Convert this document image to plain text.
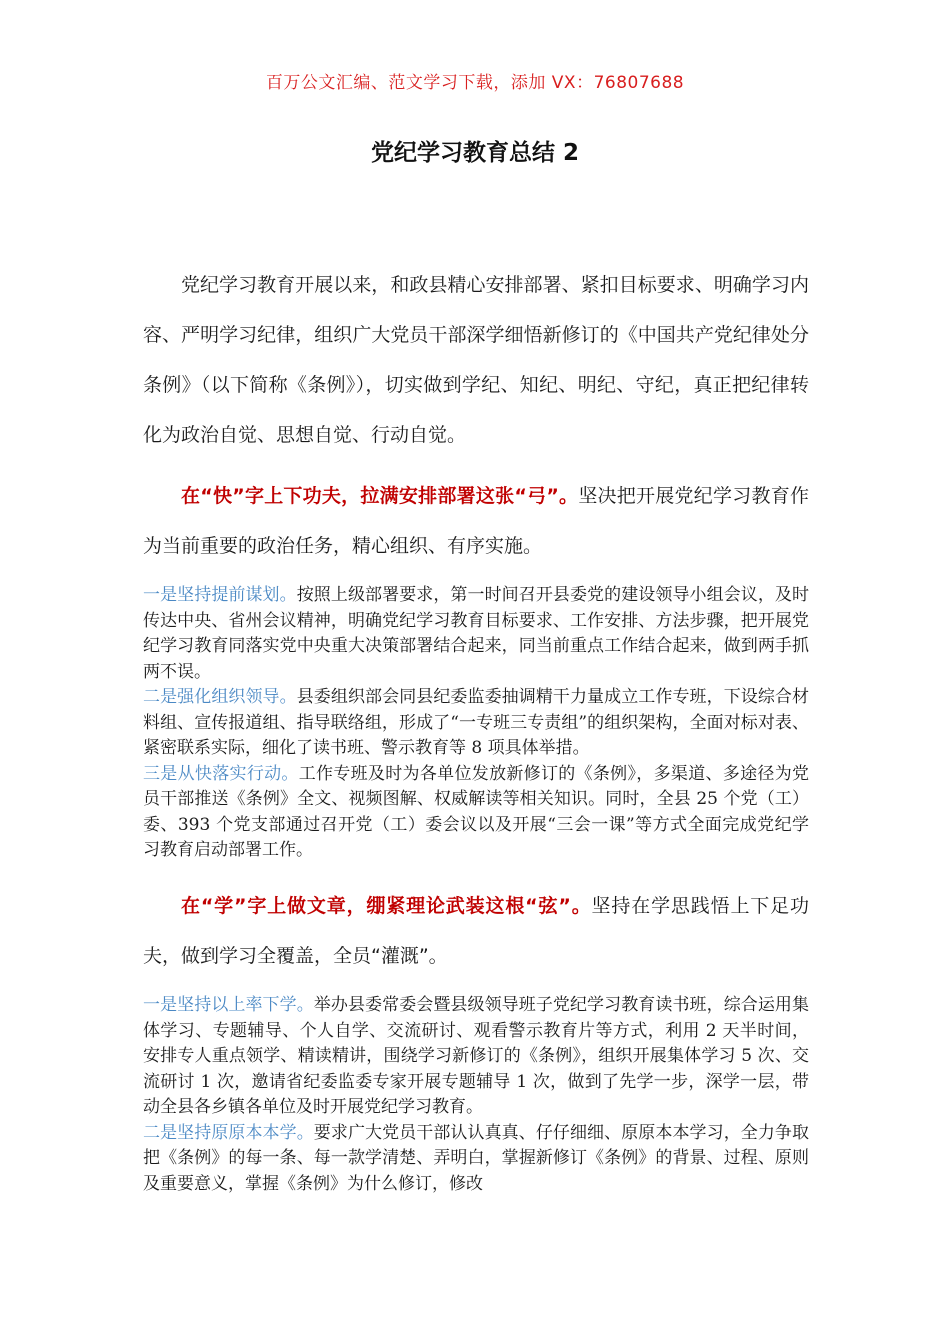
百万公文汇编、范文学习下载，添加 VX：76807688
党纪学习教育总结 2

党纪学习教育开展以来，和政县精心安排部署、紧扣目标要求、明确学习内容、严明学习纪律，组织广大党员干部深学细悟新修订的《中国共产党纪律处分条例》（以下简称《条例》），切实做到学纪、知纪、明纪、守纪，真正把纪律转化为政治自觉、思想自觉、行动自觉。

在“快”字上下功夫，拉满安排部署这张“弓”。坚决把开展党纪学习教育作为当前重要的政治任务，精心组织、有序实施。

一是坚持提前谋划。按照上级部署要求，第一时间召开县委党的建设领导小组会议，及时传达中央、省州会议精神，明确党纪学习教育目标要求、工作安排、方法步骤，把开展党纪学习教育同落实党中央重大决策部署结合起来，同当前重点工作结合起来，做到两手抓两不误。

二是强化组织领导。县委组织部会同县纪委监委抽调精干力量成立工作专班，下设综合材料组、宣传报道组、指导联络组，形成了“一专班三专责组”的组织架构，全面对标对表、紧密联系实际，细化了读书班、警示教育等 8 项具体举措。

三是从快落实行动。工作专班及时为各单位发放新修订的《条例》，多渠道、多途径为党员干部推送《条例》全文、视频图解、权威解读等相关知识。同时，全县 25 个党（工）委、393 个党支部通过召开党（工）委会议以及开展“三会一课”等方式全面完成党纪学习教育启动部署工作。

在“学”字上做文章，绷紧理论武装这根“弦”。坚持在学思践悟上下足功夫，做到学习全覆盖，全员“灌溉”。

一是坚持以上率下学。举办县委常委会暨县级领导班子党纪学习教育读书班，综合运用集体学习、专题辅导、个人自学、交流研讨、观看警示教育片等方式，利用 2 天半时间，安排专人重点领学、精读精讲，围绕学习新修订的《条例》，组织开展集体学习 5 次、交流研讨 1 次，邀请省纪委监委专家开展专题辅导 1 次，做到了先学一步，深学一层，带动全县各乡镇各单位及时开展党纪学习教育。

二是坚持原原本本学。要求广大党员干部认认真真、仔仔细细、原原本本学习，全力争取把《条例》的每一条、每一款学清楚、弄明白，掌握新修订《条例》的背景、过程、原则及重要意义，掌握《条例》为什么修订，修改
